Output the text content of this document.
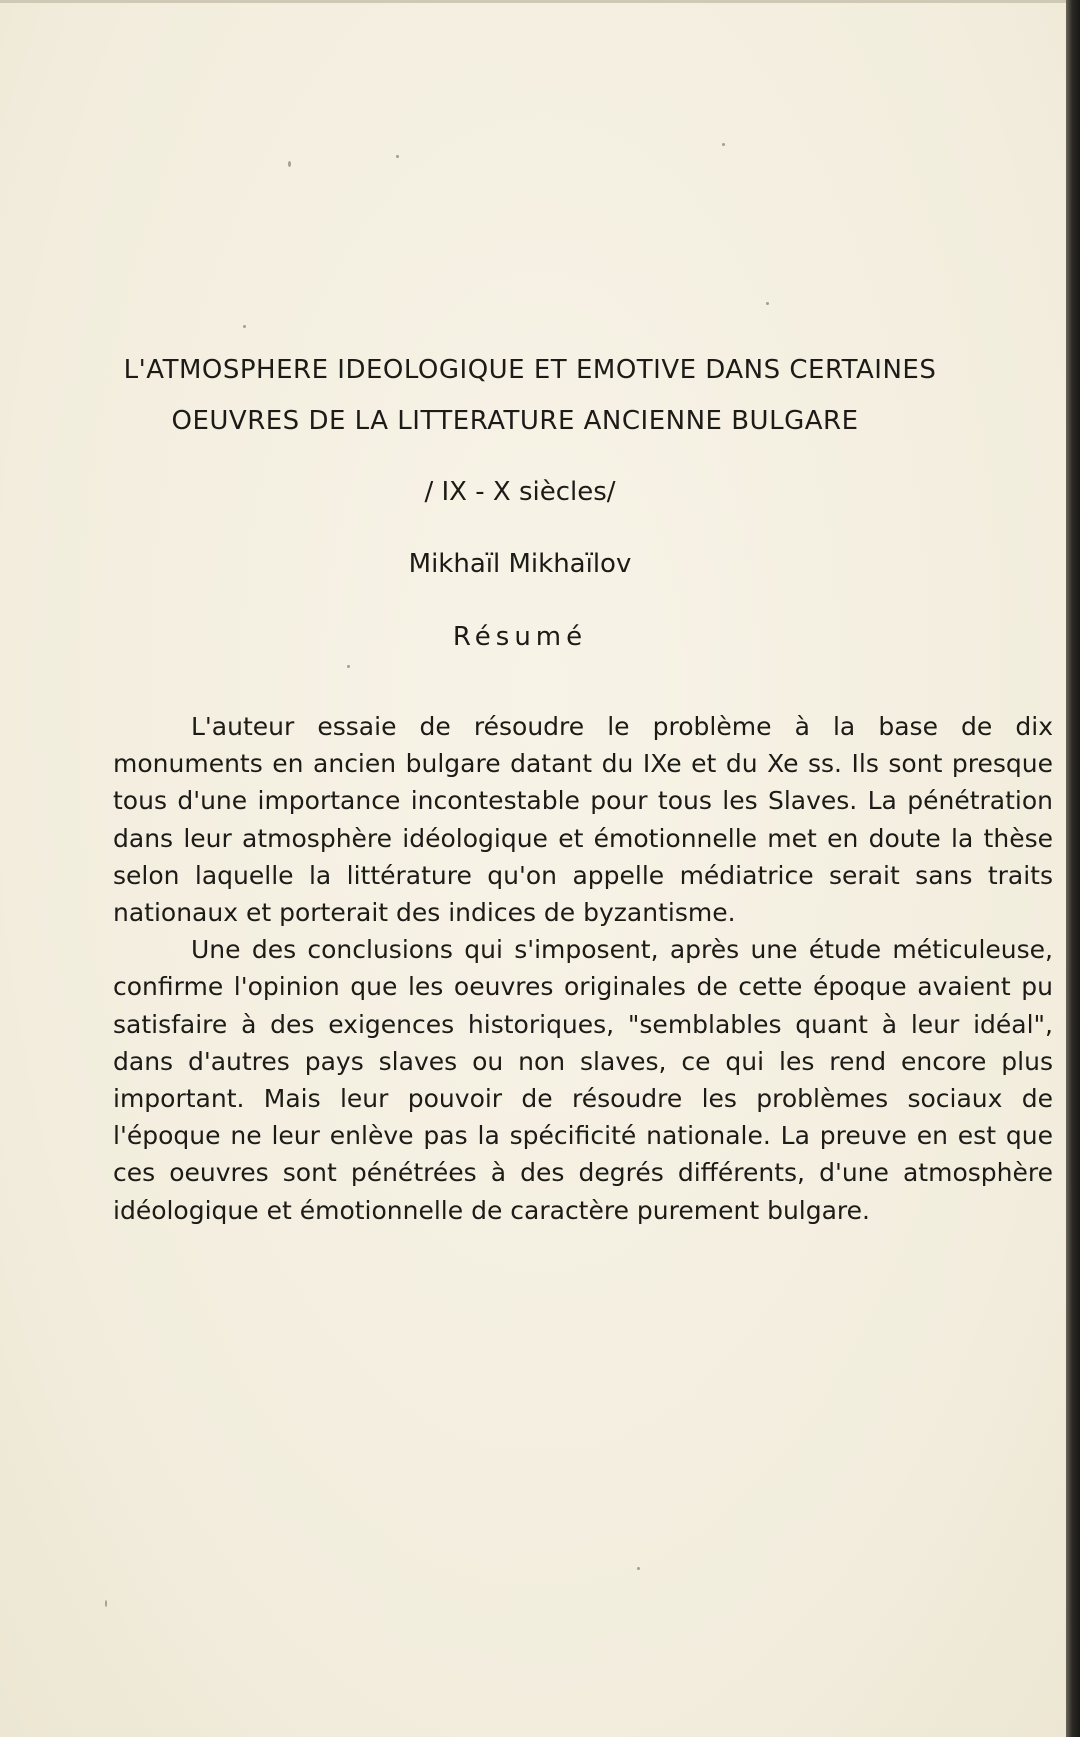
L'ATMOSPHERE IDEOLOGIQUE ET EMOTIVE DANS CERTAINES
OEUVRES DE LA LITTERATURE ANCIENNE BULGARE
/ IX - X siècles/
Mikhaïl Mikhaïlov
Résumé

L'auteur essaie de résoudre le problème à la base de dix monuments en ancien bulgare datant du IXe et du Xe ss. Ils sont presque tous d'une importance incontestable pour tous les Slaves. La pénétration dans leur atmosphère idéologique et émotionnelle met en doute la thèse selon laquelle la littérature qu'on appelle médiatrice serait sans traits nationaux et porterait des indices de byzantisme.

Une des conclusions qui s'imposent, après une étude méticuleuse, confirme l'opinion que les oeuvres originales de cette époque avaient pu satisfaire à des exigences historiques, "semblables quant à leur idéal", dans d'autres pays slaves ou non slaves, ce qui les rend encore plus important. Mais leur pouvoir de résoudre les problèmes sociaux de l'époque ne leur enlève pas la spécificité nationale. La preuve en est que ces oeuvres sont pénétrées à des degrés différents, d'une atmosphère idéologique et émotionnelle de caractère purement bulgare.
